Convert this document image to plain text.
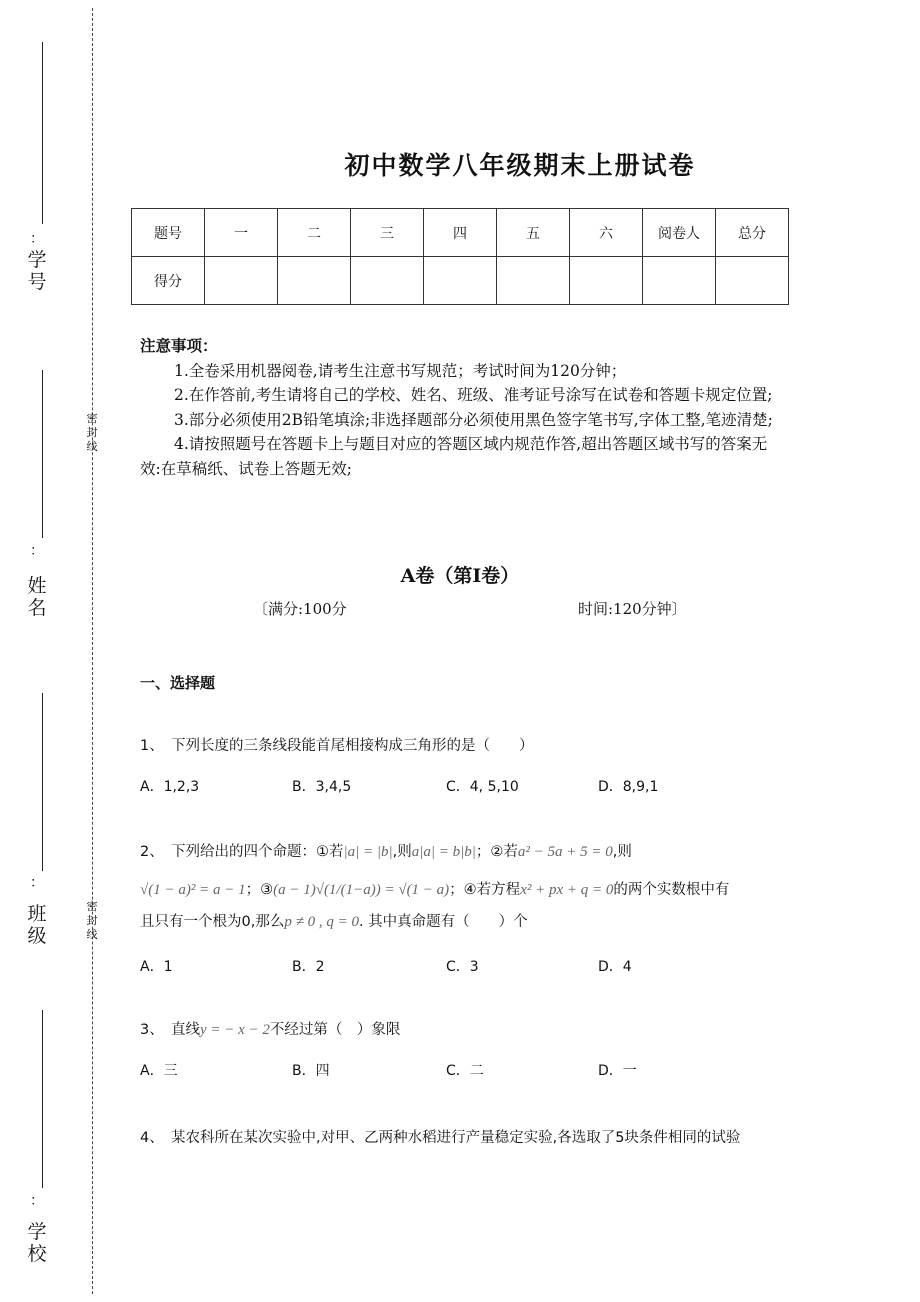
：
学号
：
姓名
：
班级
：
学校
密
封
线
密
封
线
初中数学八年级期末上册试卷
题号	一	二	三	四	五	六	阅卷人	总分
得分								
注意事项：
1.全卷采用机器阅卷,请考生注意书写规范；考试时间为120分钟；
2.在作答前,考生请将自己的学校、姓名、班级、准考证号涂写在试卷和答题卡规定位置;
3.部分必须使用2B铅笔填涂;非选择题部分必须使用黑色签字笔书写,字体工整,笔迹清楚;
4.请按照题号在答题卡上与题目对应的答题区域内规范作答,超出答题区域书写的答案无效:在草稿纸、试卷上答题无效;
A卷（第I卷）
〔满分:100分	时间:120分钟〕
一、选择题
1、　下列长度的三条线段能首尾相接构成三角形的是（　　）
A．1,2,3	B．3,4,5	C．4, 5,10	D．8,9,1
2、　下列给出的四个命题：①若|a| = |b|,则a|a| = b|b|；②若a² − 5a + 5 = 0,则
√(1 − a)² = a − 1；③(a − 1)√(1/(1−a)) = √(1 − a)；④若方程x² + px + q = 0的两个实数根中有
且只有一个根为0,那么p ≠ 0 , q = 0. 其中真命题有（　　）个
A．1	B．2	C．3	D．4
3、　直线y = − x − 2不经过第（　）象限
A．三	B．四	C．二	D．一
4、　某农科所在某次实验中,对甲、乙两种水稻进行产量稳定实验,各选取了5块条件相同的试验
